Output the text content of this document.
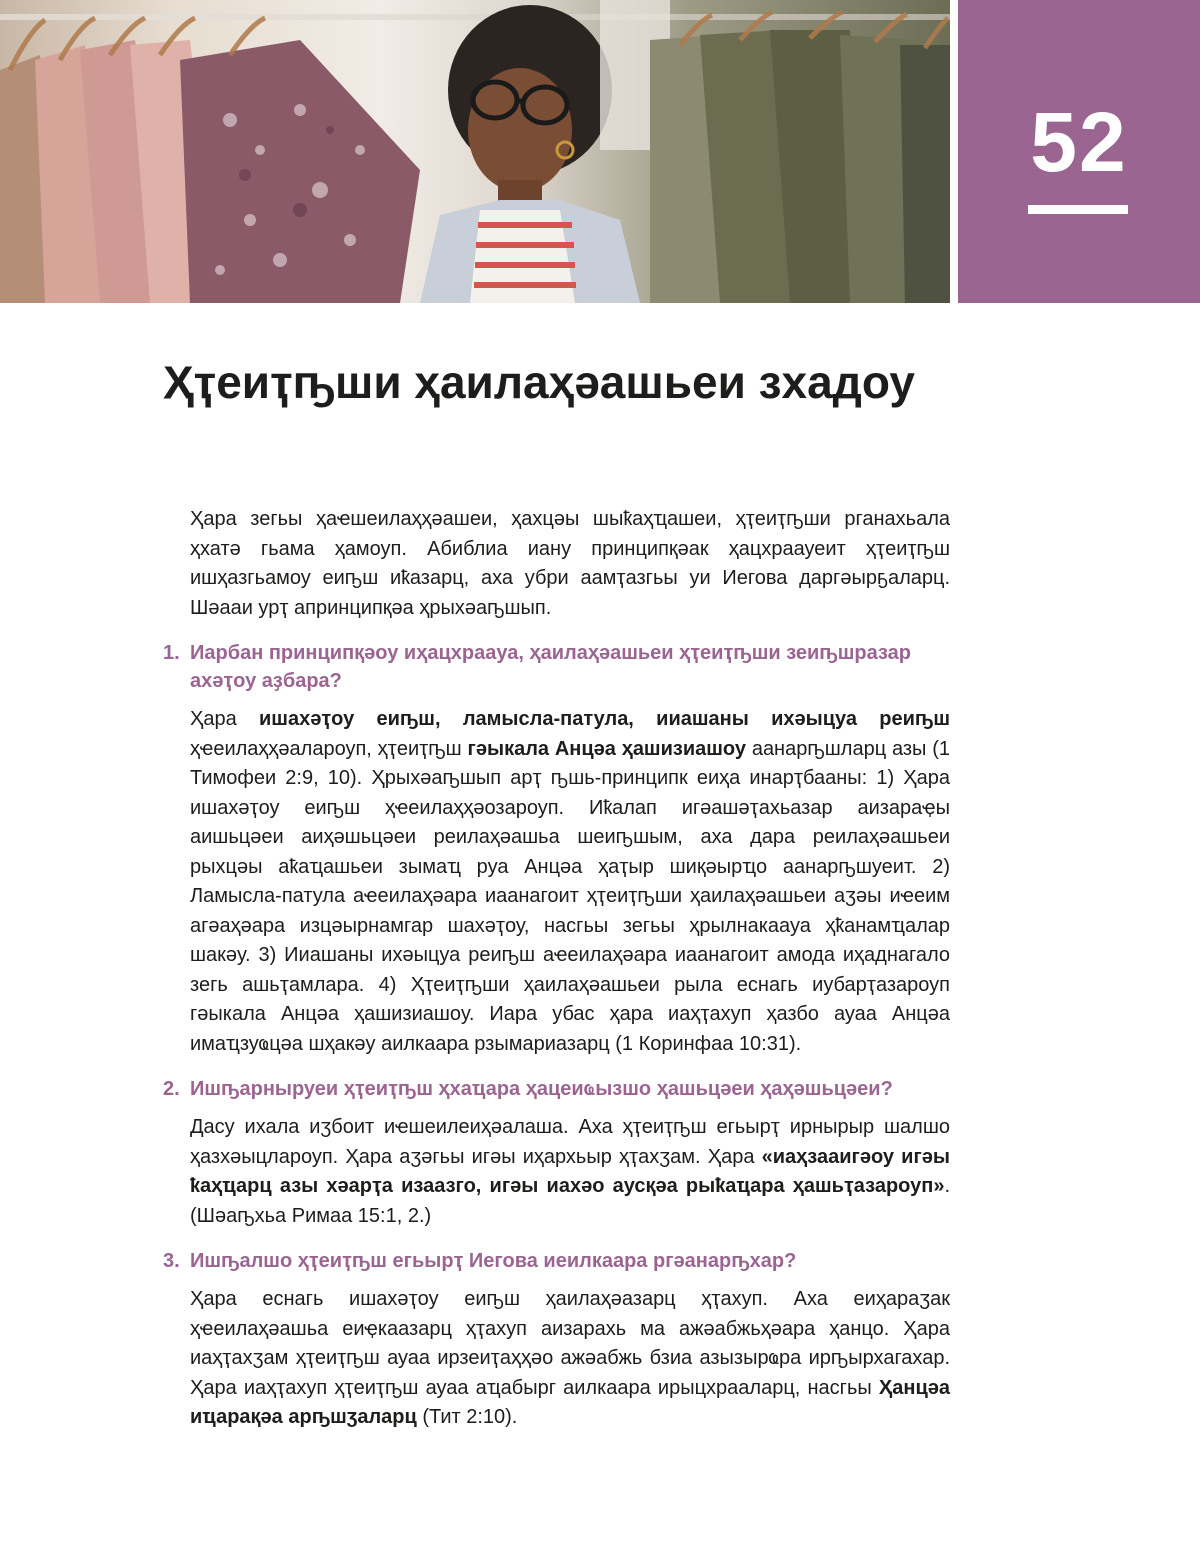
52
Ҳҭеиҭҧши ҳаилаҳәашьеи зхадоу

Ҳара зегьы ҳаҽшеилаҳҳәашеи, ҳахцәы шыҟаҳҵашеи, ҳҭеиҭҧши рганахьала ҳхатә гьама ҳамоуп. Абиблиа иану принципқәак ҳацхраауеит ҳҭеиҭҧш ишҳазгьамоу еиҧш иҟазарц, аха убри аамҭазгьы уи Иегова даргәырҕаларц. Шәааи урҭ апринципқәа ҳрыхәаҧшып.

1. Иарбан принципқәоу иҳацхраауа, ҳаилаҳәашьеи ҳҭеиҭҧши зеиҧшразар ахәҭоу аҙбара?

Ҳара ишахәҭоу еиҧш, ламысла-патула, ииашаны ихәыцуа реиҧш ҳҽеилаҳҳәалароуп, ҳҭеиҭҧш гәыкала Анцәа ҳашизиашоу аанарҧшларц азы (1 Тимофеи 2:9, 10). Ҳрыхәаҧшып арҭ ҧшь-принципк еиҳа инарҭбааны: 1) Ҳара ишахәҭоу еиҧш ҳҽеилаҳҳәозароуп. Иҟалап игәашәҭахьазар аизараҿы аишьцәеи аиҳәшьцәеи реилаҳәашьа шеиҧшым, аха дара реилаҳәашьеи рыхцәы аҟаҵашьеи зымаҵ руа Анцәа ҳаҭыр шиқәырҵо аанарҧшуеит. 2) Ламысла-патула аҽеилаҳәара иаанагоит ҳҭеиҭҧши ҳаилаҳәашьеи аӡәы иҽеим агәаҳәара изцәырнамгар шахәҭоу, насгьы зегьы ҳрылнакаауа ҳҟанамҵалар шакәу. 3) Ииашаны ихәыцуа реиҧш аҽеилаҳәара иаанагоит амода иҳаднагало зегь ашьҭамлара. 4) Ҳҭеиҭҧши ҳаилаҳәашьеи рыла еснагь иубарҭазароуп гәыкала Анцәа ҳашизиашоу. Иара убас ҳара иаҳҭахуп ҳазбо ауаа Анцәа имаҵзуҩцәа шҳакәу аилкаара рзымариазарц (1 Коринфаа 10:31).

2. Ишҧарныруеи ҳҭеиҭҧш ҳхаҵара ҳацеиҩызшо ҳашьцәеи ҳаҳәшьцәеи?

Дасу ихала иӡбоит иҽшеилеиҳәалаша. Аха ҳҭеиҭҧш егьырҭ ирнырыр шалшо ҳазхәыцлароуп. Ҳара аӡәгьы игәы иҳархьыр ҳҭахӡам. Ҳара «иаҳзааигәоу игәы ҟаҳҵарц азы хәарҭа изаазго, игәы иахәо аусқәа рыҟаҵара ҳашьҭазароуп». (Шәаҧхьа Римаа 15:1, 2.)

3. Ишҧалшо ҳҭеиҭҧш егьырҭ Иегова иеилкаара ргәанарҧхар?

Ҳара еснагь ишахәҭоу еиҧш ҳаилаҳәазарц ҳҭахуп. Аха еиҳараӡак ҳҽеилаҳәашьа еиҿкаазарц ҳҭахуп аизарахь ма ажәабжьҳәара ҳанцо. Ҳара иаҳҭахӡам ҳҭеиҭҧш ауаа ирзеиҭаҳҳәо ажәабжь бзиа азызырҩра ирҧырхагахар. Ҳара иаҳҭахуп ҳҭеиҭҧш ауаа аҵабырг аилкаара ирыцхрааларц, насгьы Ҳанцәа иҵарақәа арҧшӡаларц (Тит 2:10).
